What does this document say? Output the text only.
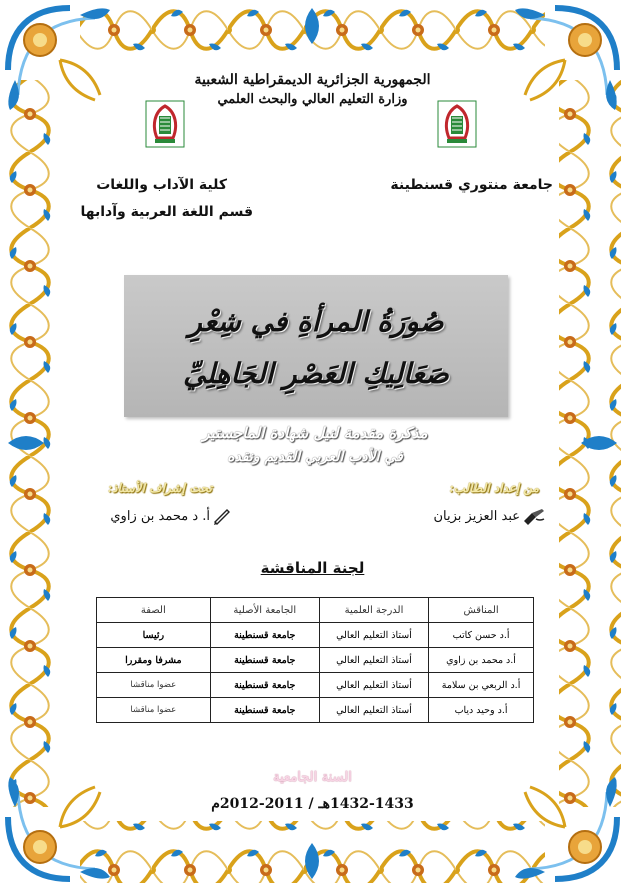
الجمهورية الجزائرية الديمقراطية الشعبية
وزارة التعليم العالي والبحث العلمي
جامعة منتوري قسنطينة
كلية الآداب واللغات
قسم اللغة العربية وآدابها
صُورَةُ المرأةِ في شِعْرِ
صَعَالِيكِ العَصْرِ الجَاهِلِيِّ
مذكرة مقدمة لنيل شهادة الماجستير
في الأدب العربي القديم ونقده
من إعداد الطالب:
تحت إشراف الأستاذ:
عبد العزيز بزيان
أ. د محمد بن زاوي
لجنة المناقشة
المناقش	الدرجة العلمية	الجامعة الأصلية	الصفة
أ.د حسن كاتب	أستاذ التعليم العالي	جامعة قسنطينة	رئيسا
أ.د محمد بن زاوي	أستاذ التعليم العالي	جامعة قسنطينة	مشرفا ومقررا
أ.د الربعي بن سلامة	أستاذ التعليم العالي	جامعة قسنطينة	عضوا مناقشا
أ.د وحيد دياب	أستاذ التعليم العالي	جامعة قسنطينة	عضوا مناقشا
السنة الجامعية
1432-1433هـ / 2011-2012م
